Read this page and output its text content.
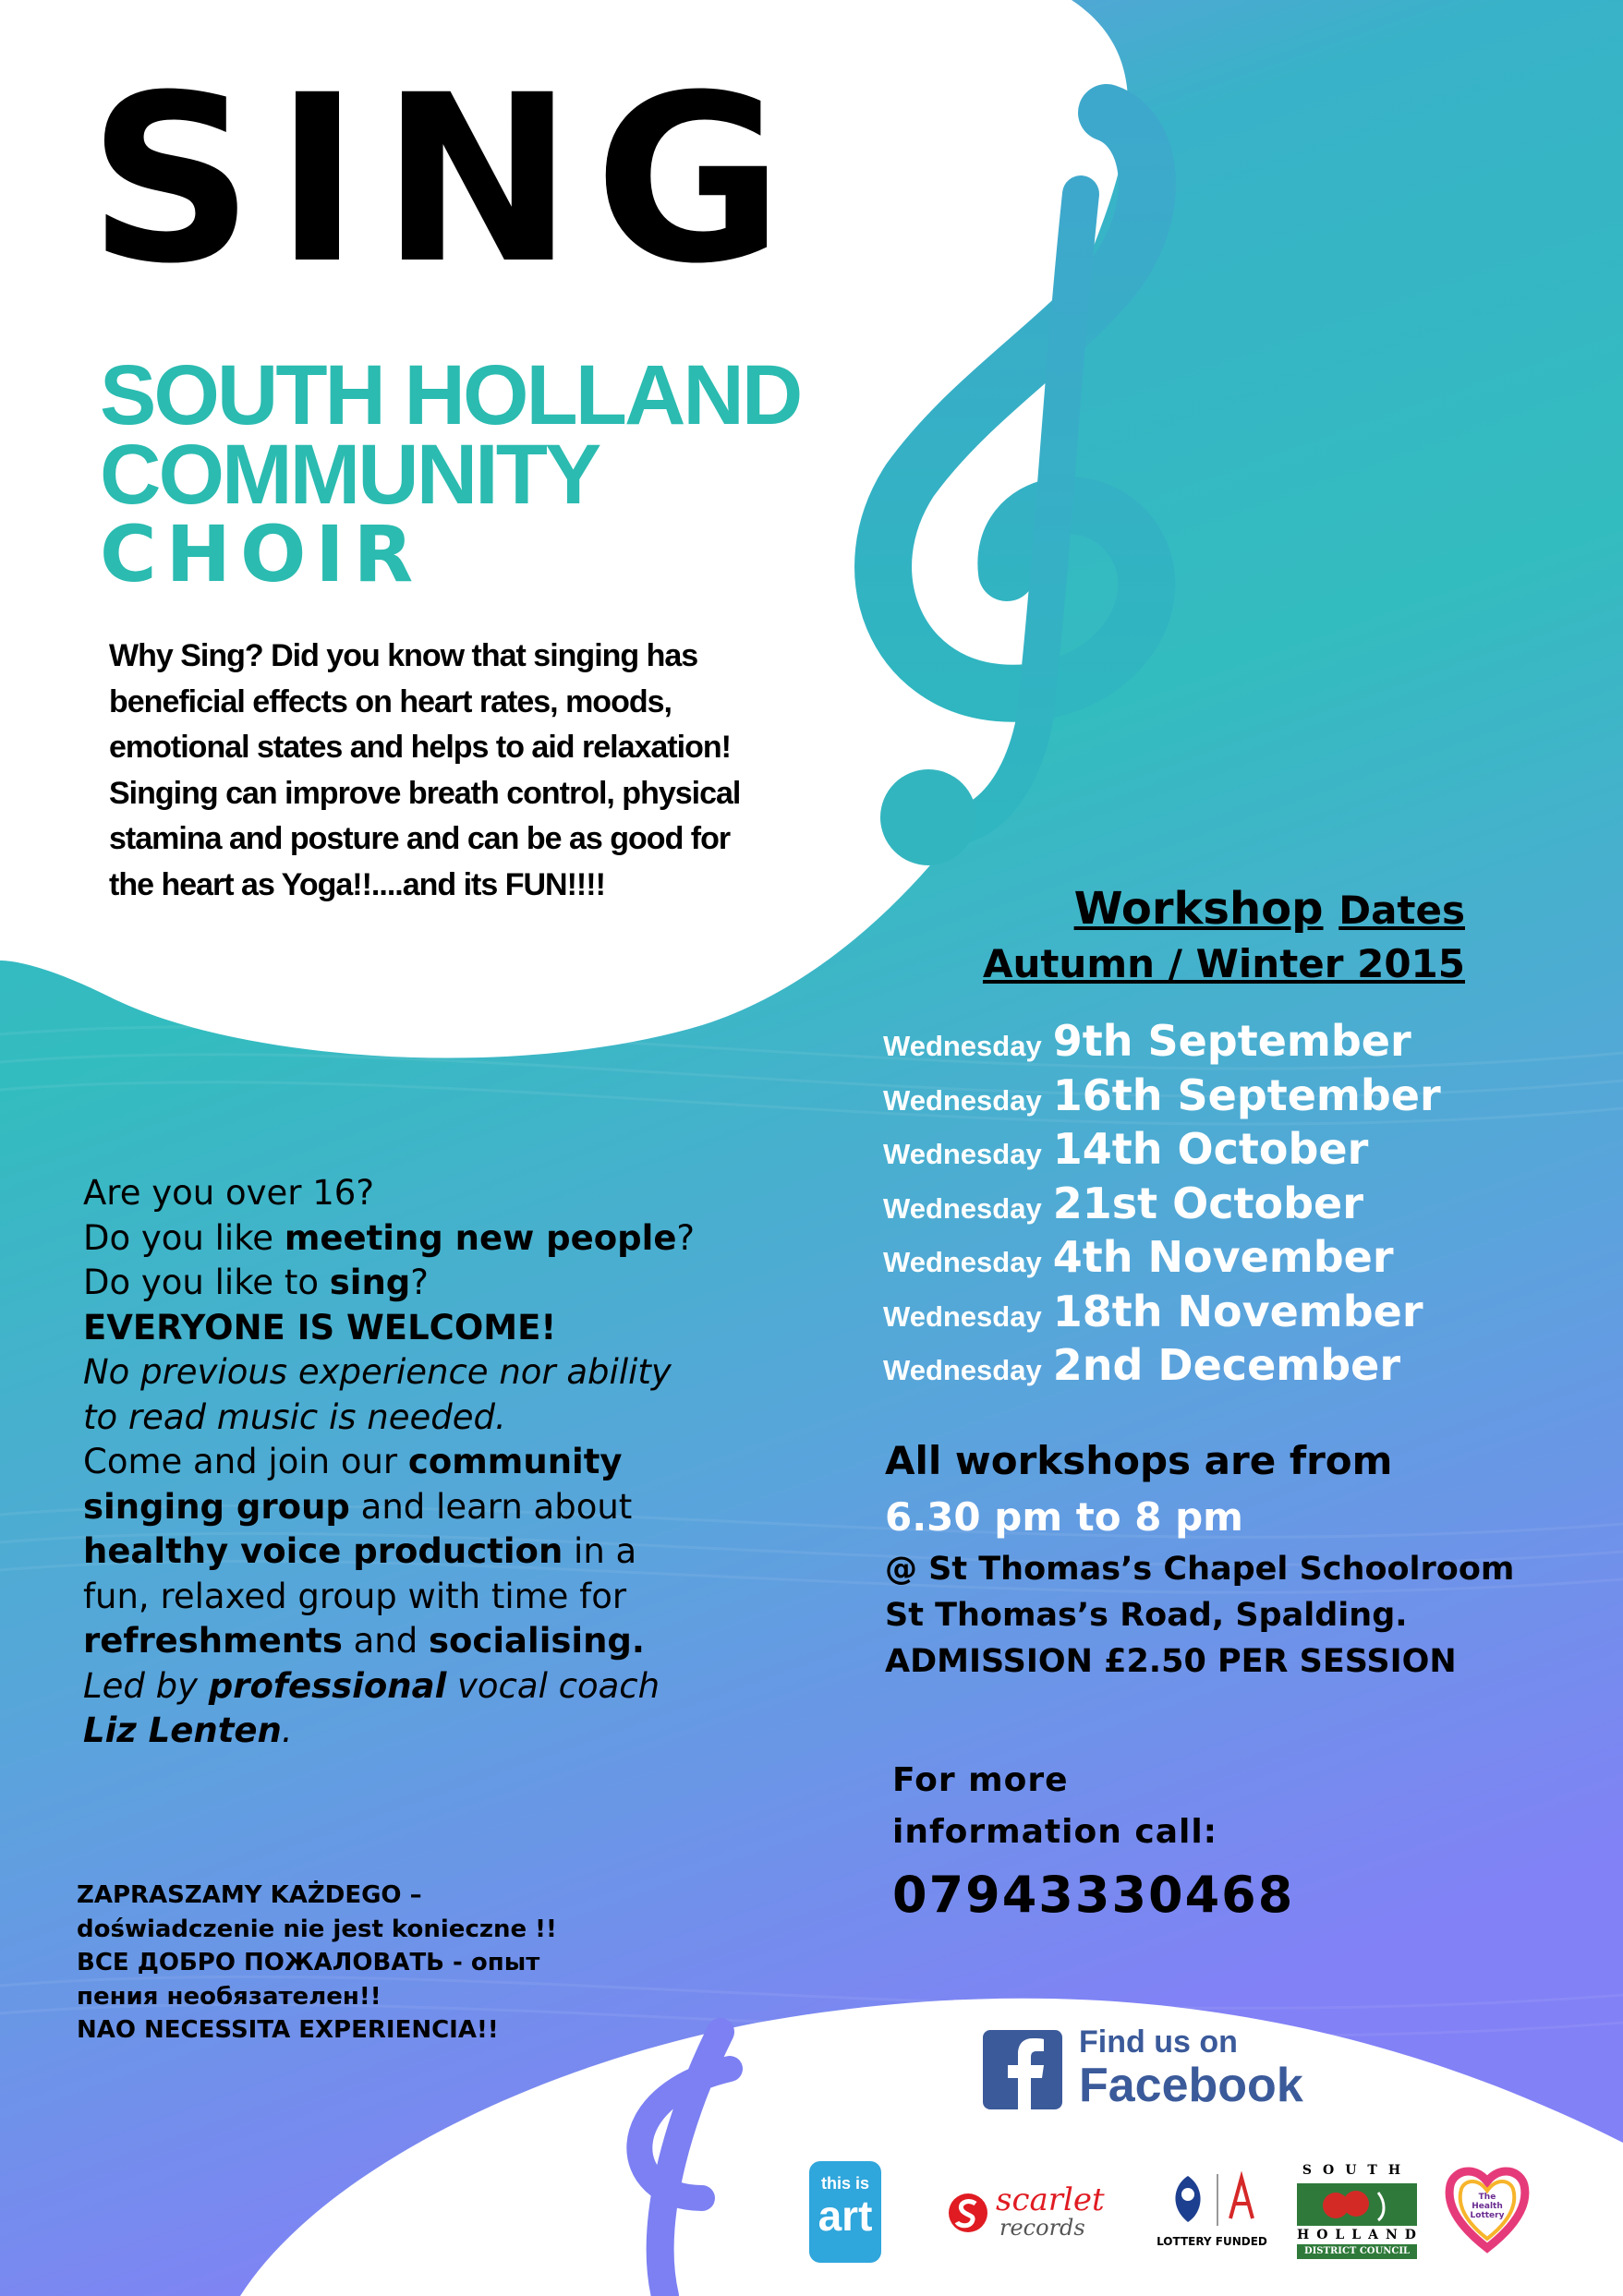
SING
SOUTH HOLLAND
COMMUNITY
CHOIR
Why Sing? Did you know that singing has
beneficial effects on heart rates, moods,
emotional states and helps to aid relaxation!
Singing can improve breath control, physical
stamina and posture and can be as good for
the heart as Yoga!!....and its FUN!!!!	Workshop Dates
Autumn / Winter 2015
Wednesday 9th September
Wednesday 16th September
Wednesday 14th October
Wednesday 21st October
Wednesday 4th November
Wednesday 18th November
Wednesday 2nd December
All workshops are from
6.30 pm to 8 pm
@ St Thomas’s Chapel Schoolroom
St Thomas’s Road, Spalding.
ADMISSION £2.50 PER SESSION
For more
information call:
07943330468
Are you over 16?
Do you like meeting new people?
Do you like to sing?
EVERYONE IS WELCOME!
No previous experience nor ability
to read music is needed.
Come and join our community
singing group and learn about
healthy voice production in a
fun, relaxed group with time for
refreshments and socialising.
Led by professional vocal coach
Liz Lenten.
ZAPRASZAMY KAŻDEGO –
doświadczenie nie jest konieczne !!
ВСЕ ДОБРО ПОЖАЛОВАТЬ - опыт
пения необязателен!!
NAO NECESSITA EXPERIENCIA!!	Find us on
Facebook
this is
art	scarlet
records
LOTTERY FUNDED
SOUTH
HOLLAND
DISTRICT COUNCIL
The Health Lottery
